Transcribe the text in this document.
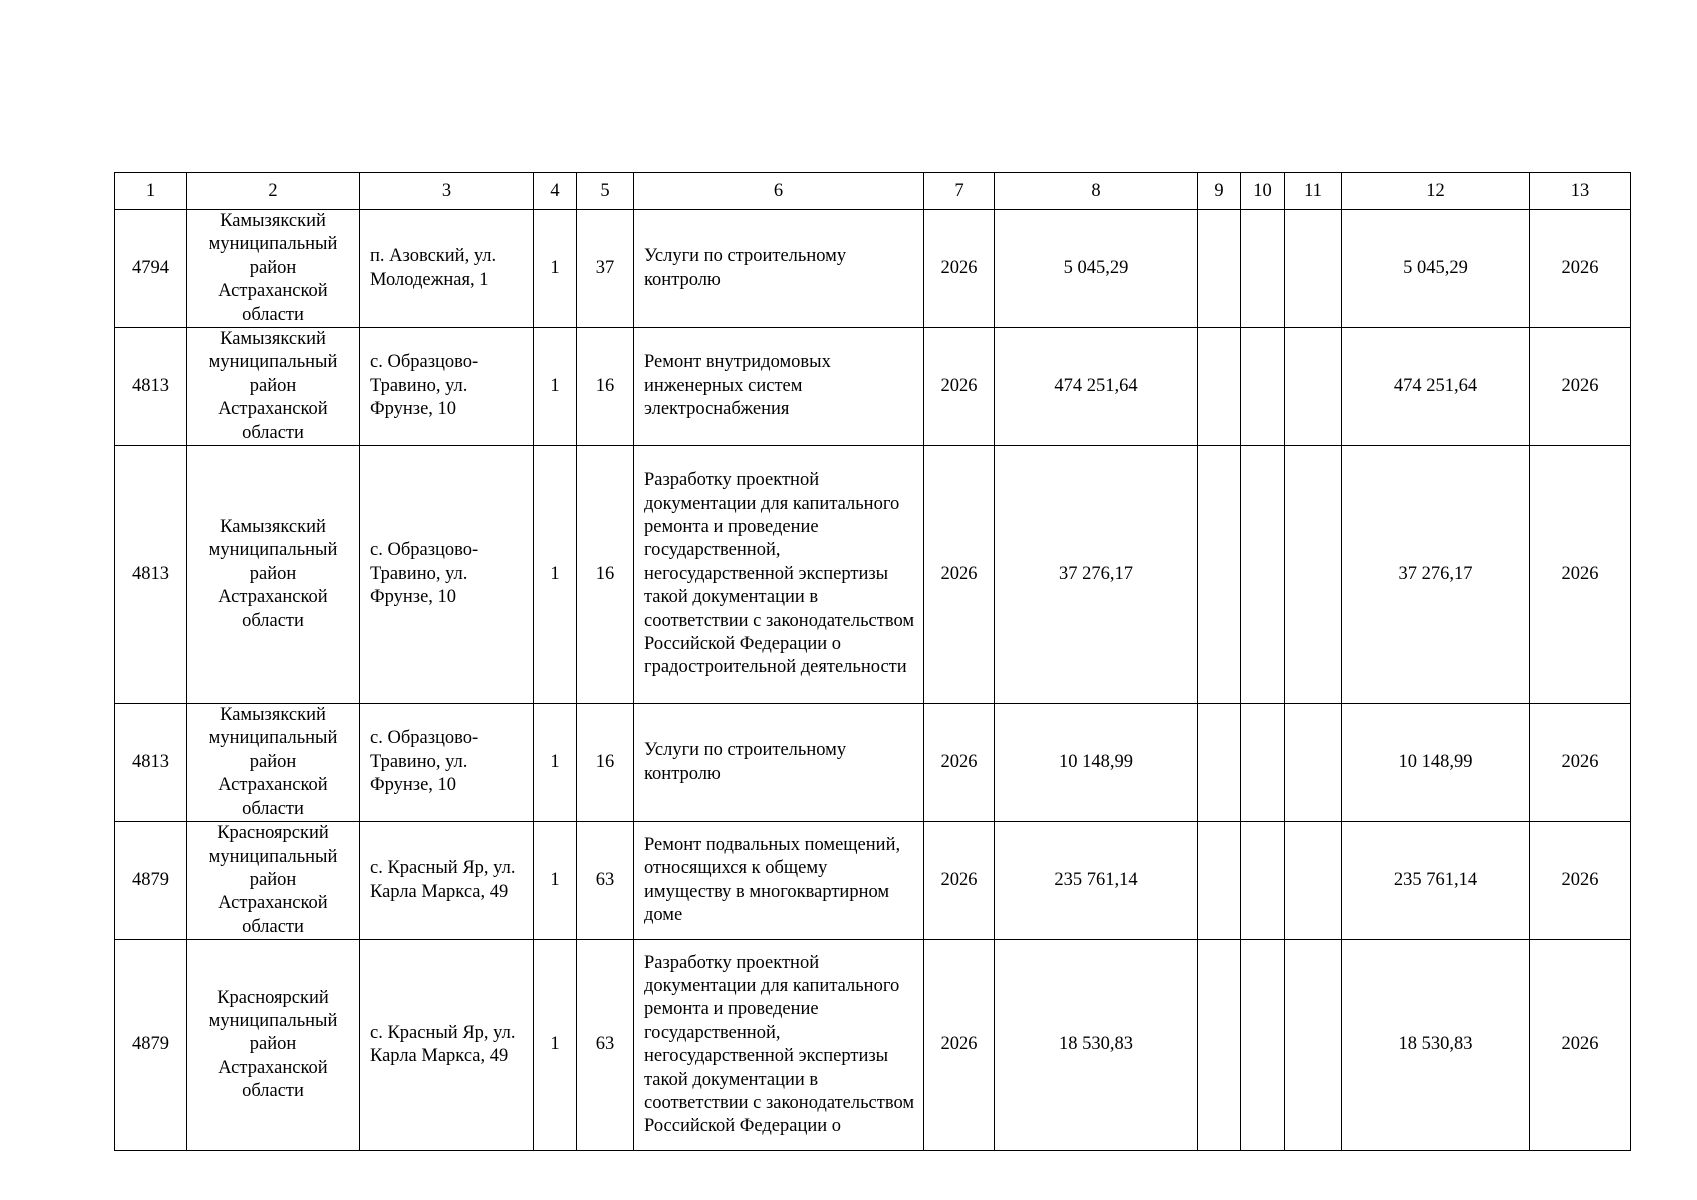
1	2	3	4	5	6	7	8	9	10	11	12	13
4794	Камызякский муниципальный район Астраханской области	п. Азовский, ул. Молодежная, 1	1	37	Услуги по строительному контролю	2026	5 045,29				5 045,29	2026
4813	Камызякский муниципальный район Астраханской области	с. Образцово-Травино, ул. Фрунзе, 10	1	16	Ремонт внутридомовых инженерных систем электроснабжения	2026	474 251,64				474 251,64	2026
4813	Камызякский муниципальный район Астраханской области	с. Образцово-Травино, ул. Фрунзе, 10	1	16	Разработку проектной документации для капитального ремонта и проведение государственной, негосударственной экспертизы такой документации в соответствии с законодательством Российской Федерации о градостроительной деятельности	2026	37 276,17				37 276,17	2026
4813	Камызякский муниципальный район Астраханской области	с. Образцово-Травино, ул. Фрунзе, 10	1	16	Услуги по строительному контролю	2026	10 148,99				10 148,99	2026
4879	Красноярский муниципальный район Астраханской области	с. Красный Яр, ул. Карла Маркса, 49	1	63	Ремонт подвальных помещений, относящихся к общему имуществу в многоквартирном доме	2026	235 761,14				235 761,14	2026
4879	Красноярский муниципальный район Астраханской области	с. Красный Яр, ул. Карла Маркса, 49	1	63	Разработку проектной документации для капитального ремонта и проведение государственной, негосударственной экспертизы такой документации в соответствии с законодательством Российской Федерации о	2026	18 530,83				18 530,83	2026
